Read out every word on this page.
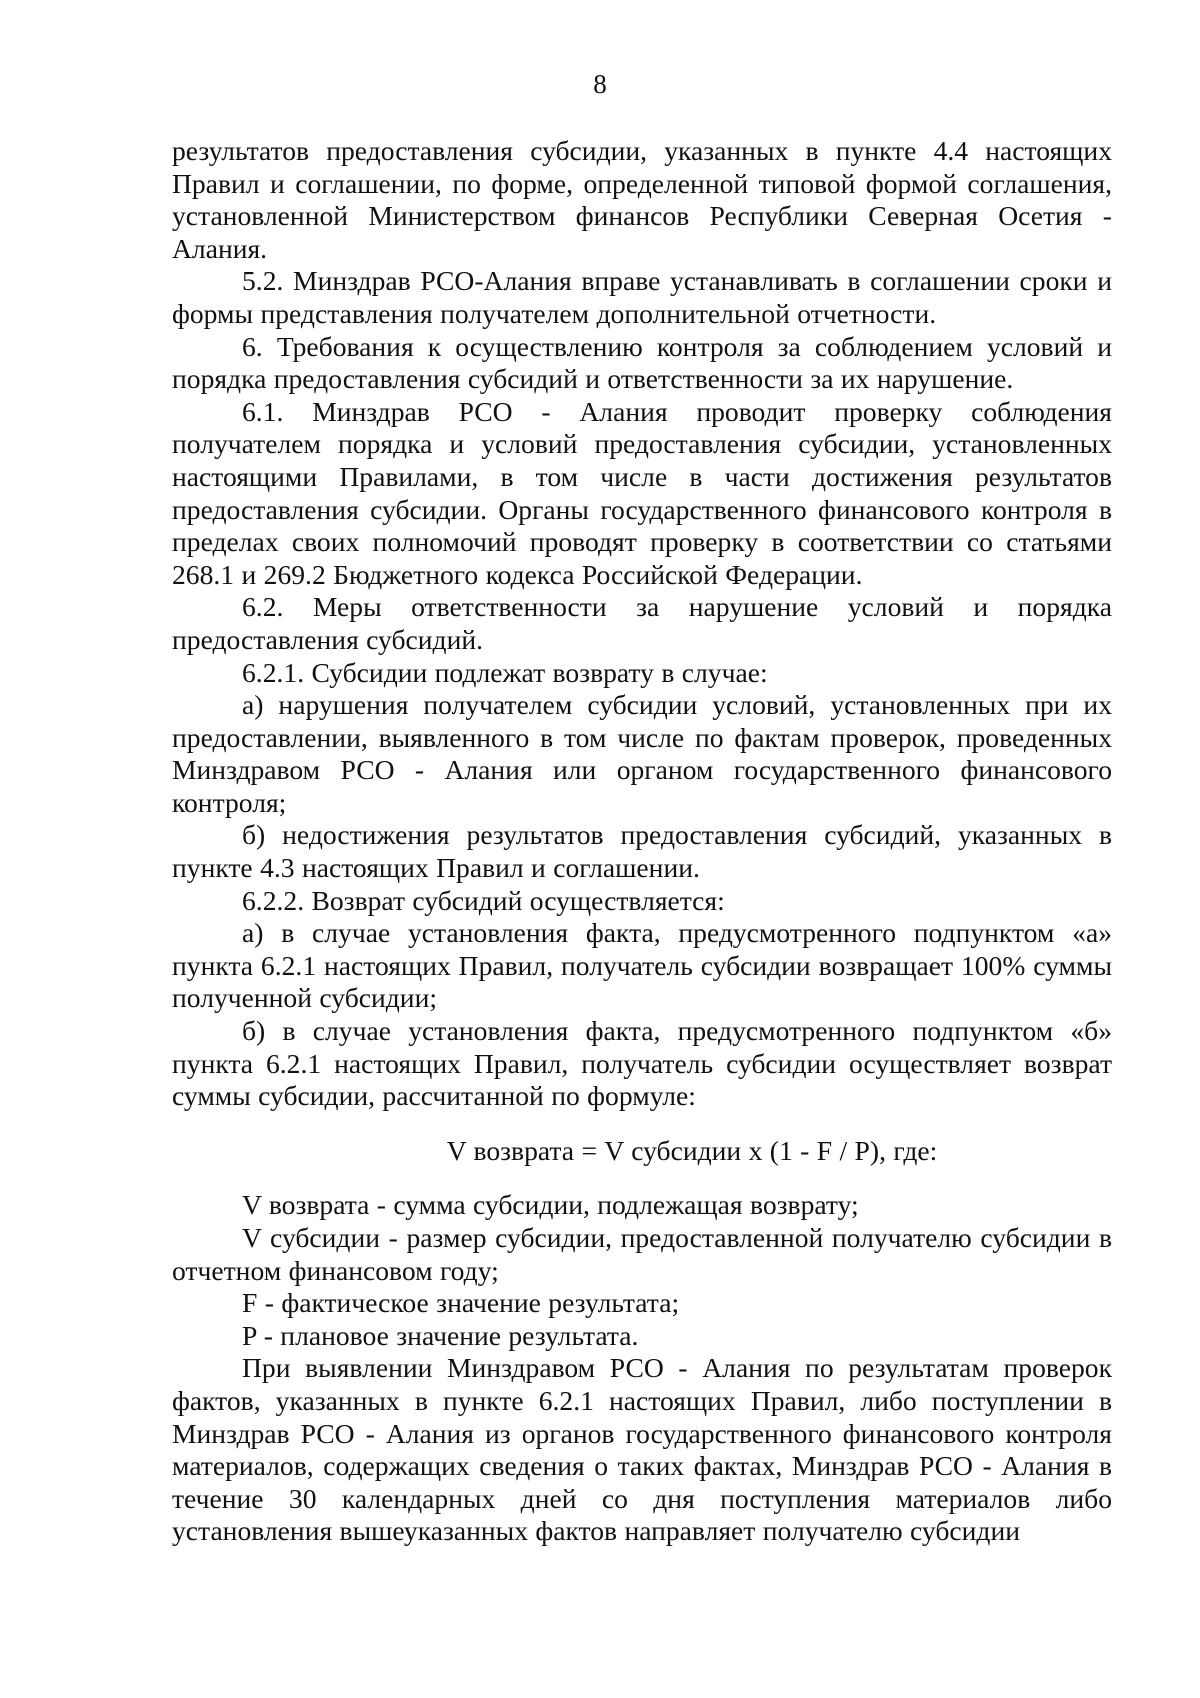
8

результатов предоставления субсидии, указанных в пункте 4.4 настоящих Правил и соглашении, по форме, определенной типовой формой соглашения, установленной Министерством финансов Республики Северная Осетия - Алания.

5.2. Минздрав РСО-Алания вправе устанавливать в соглашении сроки и формы представления получателем дополнительной отчетности.

6. Требования к осуществлению контроля за соблюдением условий и порядка предоставления субсидий и ответственности за их нарушение.

6.1. Минздрав РСО - Алания проводит проверку соблюдения получателем порядка и условий предоставления субсидии, установленных настоящими Правилами, в том числе в части достижения результатов предоставления субсидии. Органы государственного финансового контроля в пределах своих полномочий проводят проверку в соответствии со статьями 268.1 и 269.2 Бюджетного кодекса Российской Федерации.

6.2. Меры ответственности за нарушение условий и порядка предоставления субсидий.

6.2.1. Субсидии подлежат возврату в случае:

а) нарушения получателем субсидии условий, установленных при их предоставлении, выявленного в том числе по фактам проверок, проведенных Минздравом РСО - Алания или органом государственного финансового контроля;

б) недостижения результатов предоставления субсидий, указанных в пункте 4.3 настоящих Правил и соглашении.

6.2.2. Возврат субсидий осуществляется:

а) в случае установления факта, предусмотренного подпунктом «а» пункта 6.2.1 настоящих Правил, получатель субсидии возвращает 100% суммы полученной субсидии;

б) в случае установления факта, предусмотренного подпунктом «б» пункта 6.2.1 настоящих Правил, получатель субсидии осуществляет возврат суммы субсидии, рассчитанной по формуле:

V возврата = V субсидии х (1 - F / P), где:

V возврата - сумма субсидии, подлежащая возврату;

V субсидии - размер субсидии, предоставленной получателю субсидии в отчетном финансовом году;

F - фактическое значение результата;

P - плановое значение результата.

При выявлении Минздравом РСО - Алания по результатам проверок фактов, указанных в пункте 6.2.1 настоящих Правил, либо поступлении в Минздрав РСО - Алания из органов государственного финансового контроля материалов, содержащих сведения о таких фактах, Минздрав РСО - Алания в течение 30 календарных дней со дня поступления материалов либо установления вышеуказанных фактов направляет получателю субсидии
